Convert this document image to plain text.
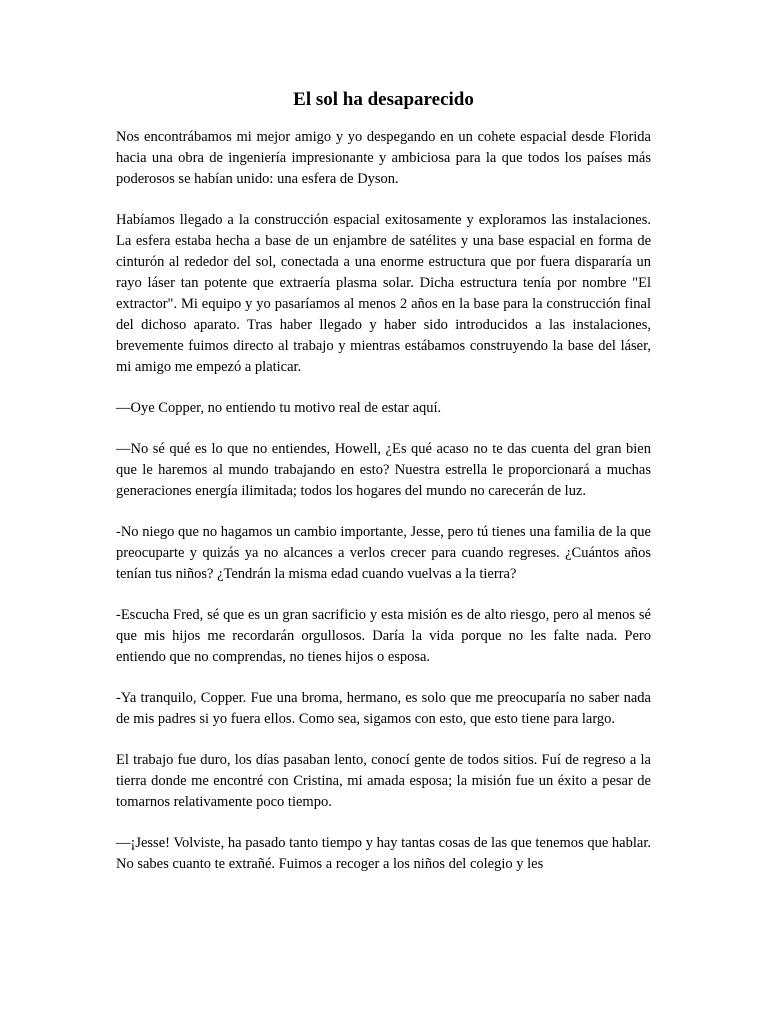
El sol ha desaparecido

Nos encontrábamos mi mejor amigo y yo despegando en un cohete espacial desde Florida hacia una obra de ingeniería impresionante y ambiciosa para la que todos los países más poderosos se habían unido: una esfera de Dyson.

Habíamos llegado a la construcción espacial exitosamente y exploramos las instalaciones. La esfera estaba hecha a base de un enjambre de satélites y una base espacial en forma de cinturón al rededor del sol, conectada a una enorme estructura que por fuera dispararía un rayo láser tan potente que extraería plasma solar. Dicha estructura tenía por nombre "El extractor". Mi equipo y yo pasaríamos al menos 2 años en la base para la construcción final del dichoso aparato. Tras haber llegado y haber sido introducidos a las instalaciones, brevemente fuimos directo al trabajo y mientras estábamos construyendo la base del láser, mi amigo me empezó a platicar.

—Oye Copper, no entiendo tu motivo real de estar aquí.

—No sé qué es lo que no entiendes, Howell, ¿Es qué acaso no te das cuenta del gran bien que le haremos al mundo trabajando en esto? Nuestra estrella le proporcionará a muchas generaciones energía ilimitada; todos los hogares del mundo no carecerán de luz.

-No niego que no hagamos un cambio importante, Jesse, pero tú tienes una familia de la que preocuparte y quizás ya no alcances a verlos crecer para cuando regreses. ¿Cuántos años tenían tus niños? ¿Tendrán la misma edad cuando vuelvas a la tierra?

-Escucha Fred, sé que es un gran sacrificio y esta misión es de alto riesgo, pero al menos sé que mis hijos me recordarán orgullosos. Daría la vida porque no les falte nada. Pero entiendo que no comprendas, no tienes hijos o esposa.

-Ya tranquilo, Copper. Fue una broma, hermano, es solo que me preocuparía no saber nada de mis padres si yo fuera ellos. Como sea, sigamos con esto, que esto tiene para largo.

El trabajo fue duro, los días pasaban lento, conocí gente de todos sitios. Fuí de regreso a la tierra donde me encontré con Cristina, mi amada esposa; la misión fue un éxito a pesar de tomarnos relativamente poco tiempo.

—¡Jesse! Volviste, ha pasado tanto tiempo y hay tantas cosas de las que tenemos que hablar. No sabes cuanto te extrañé. Fuimos a recoger a los niños del colegio y les
